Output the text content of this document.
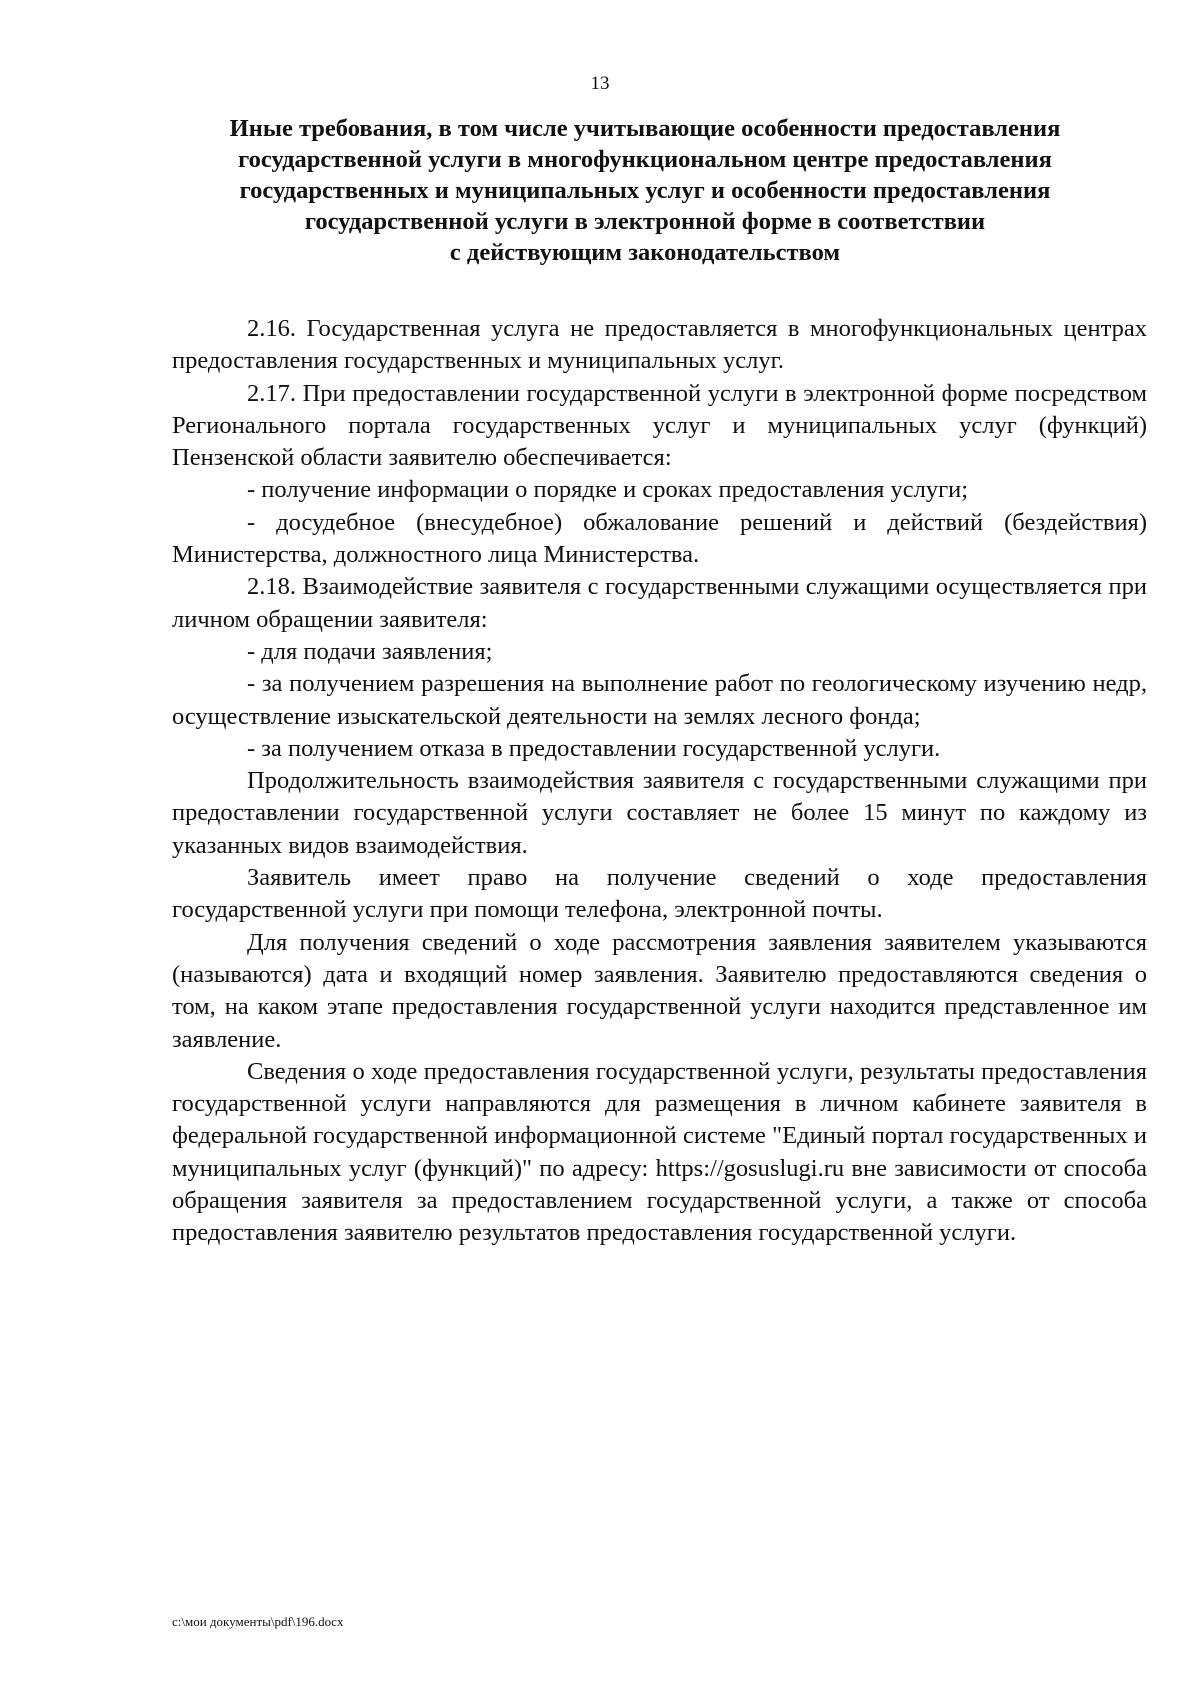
13
Иные требования, в том числе учитывающие особенности предоставления
государственной услуги в многофункциональном центре предоставления
государственных и муниципальных услуг и особенности предоставления
государственной услуги в электронной форме в соответствии
с действующим законодательством

2.16. Государственная услуга не предоставляется в многофункциональных центрах предоставления государственных и муниципальных услуг.

2.17. При предоставлении государственной услуги в электронной форме посредством Регионального портала государственных услуг и муниципальных услуг (функций) Пензенской области заявителю обеспечивается:

- получение информации о порядке и сроках предоставления услуги;

- досудебное (внесудебное) обжалование решений и действий (бездействия) Министерства, должностного лица Министерства.

2.18. Взаимодействие заявителя с государственными служащими осуществляется при личном обращении заявителя:

- для подачи заявления;

- за получением разрешения на выполнение работ по геологическому изучению недр, осуществление изыскательской деятельности на землях лесного фонда;

- за получением отказа в предоставлении государственной услуги.

Продолжительность взаимодействия заявителя с государственными служащими при предоставлении государственной услуги составляет не более 15 минут по каждому из указанных видов взаимодействия.

Заявитель имеет право на получение сведений о ходе предоставления государственной услуги при помощи телефона, электронной почты.

Для получения сведений о ходе рассмотрения заявления заявителем указываются (называются) дата и входящий номер заявления. Заявителю предоставляются сведения о том, на каком этапе предоставления государственной услуги находится представленное им заявление.

Сведения о ходе предоставления государственной услуги, результаты предоставления государственной услуги направляются для размещения в личном кабинете заявителя в федеральной государственной информационной системе "Единый портал государственных и муниципальных услуг (функций)" по адресу: https://gosuslugi.ru вне зависимости от способа обращения заявителя за предоставлением государственной услуги, а также от способа предоставления заявителю результатов предоставления государственной услуги.

c:\мои документы\pdf\196.docx
